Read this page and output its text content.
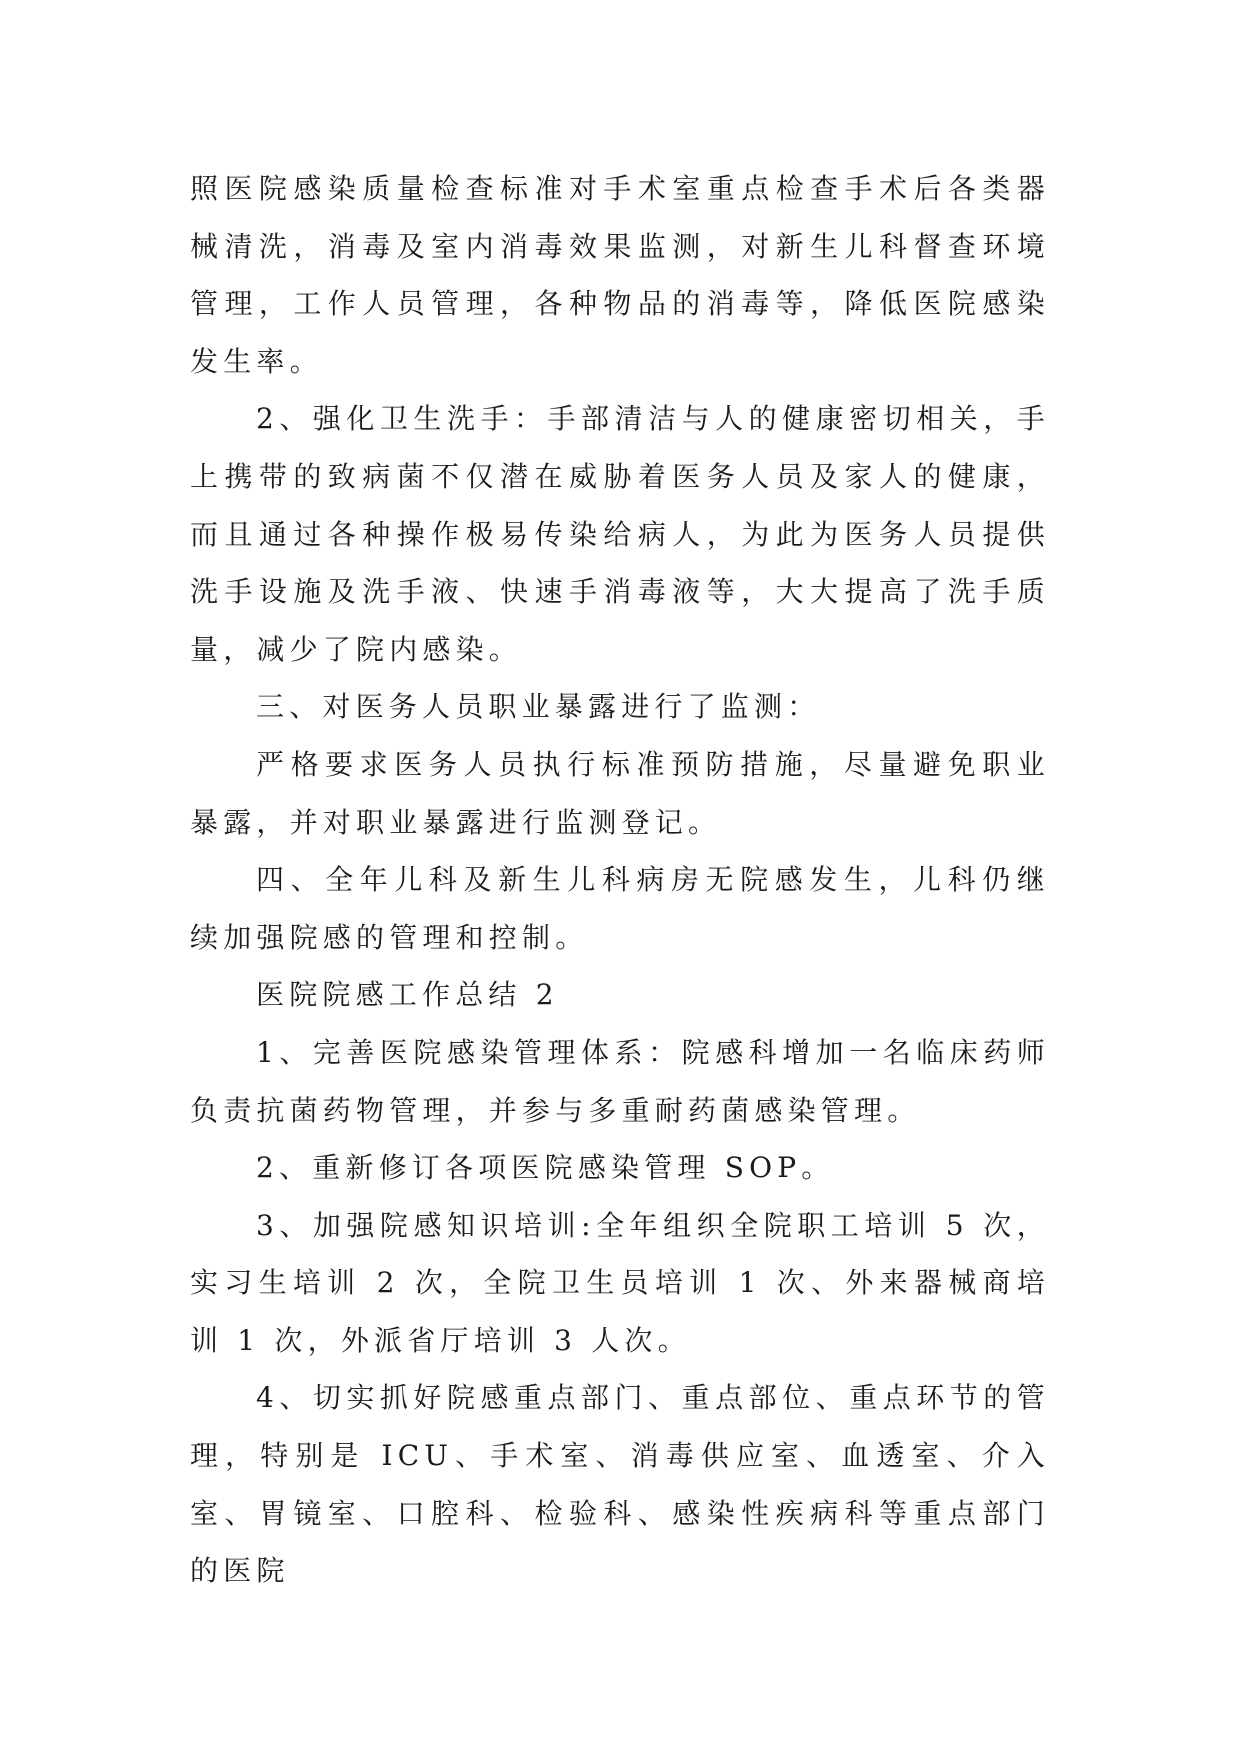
照医院感染质量检查标准对手术室重点检查手术后各类器械清洗，消毒及室内消毒效果监测，对新生儿科督查环境管理，工作人员管理，各种物品的消毒等，降低医院感染发生率。

2、强化卫生洗手：手部清洁与人的健康密切相关，手上携带的致病菌不仅潜在威胁着医务人员及家人的健康，而且通过各种操作极易传染给病人，为此为医务人员提供洗手设施及洗手液、快速手消毒液等，大大提高了洗手质量，减少了院内感染。

三、对医务人员职业暴露进行了监测：

严格要求医务人员执行标准预防措施，尽量避免职业暴露，并对职业暴露进行监测登记。

四、全年儿科及新生儿科病房无院感发生，儿科仍继续加强院感的管理和控制。

医院院感工作总结 2

1、完善医院感染管理体系：院感科增加一名临床药师负责抗菌药物管理，并参与多重耐药菌感染管理。

2、重新修订各项医院感染管理 SOP。

3、加强院感知识培训:全年组织全院职工培训 5 次，实习生培训 2 次，全院卫生员培训 1 次、外来器械商培训 1 次，外派省厅培训 3 人次。

4、切实抓好院感重点部门、重点部位、重点环节的管理，特别是 ICU、手术室、消毒供应室、血透室、介入室、胃镜室、口腔科、检验科、感染性疾病科等重点部门的医院
